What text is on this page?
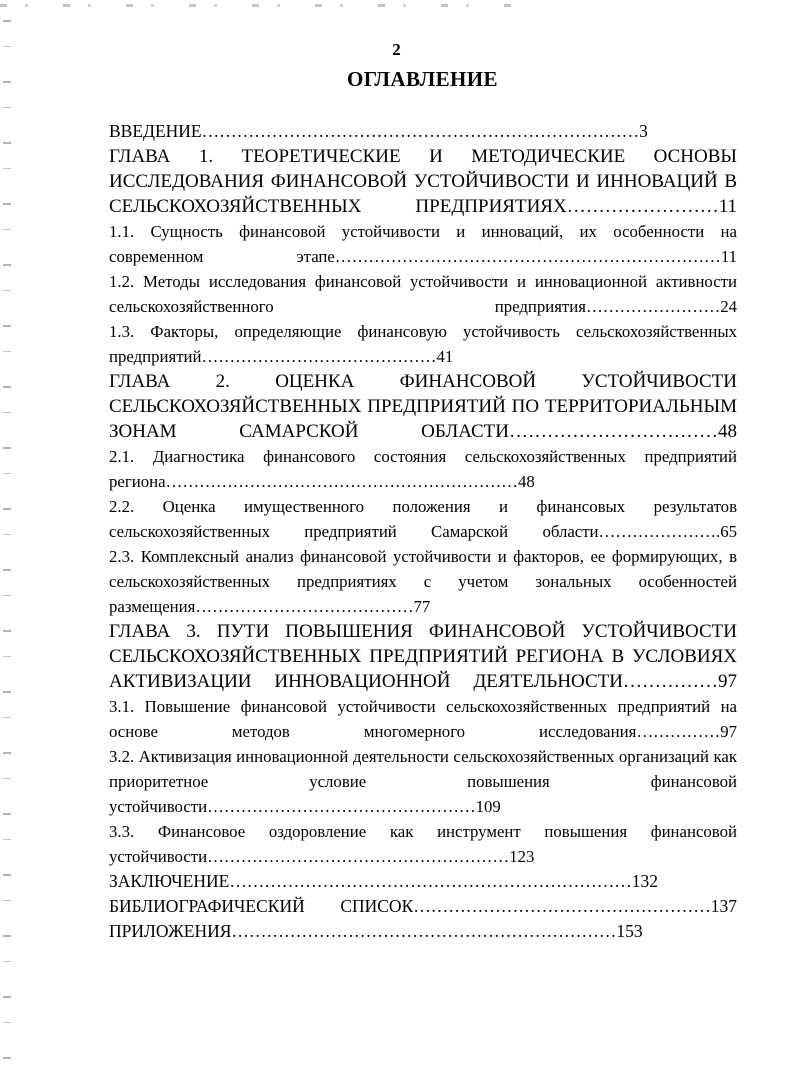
2
ОГЛАВЛЕНИЕ
ВВЕДЕНИЕ…………………………………………………………………3
ГЛАВА 1. ТЕОРЕТИЧЕСКИЕ И МЕТОДИЧЕСКИЕ ОСНОВЫ ИССЛЕДОВАНИЯ ФИНАНСОВОЙ УСТОЙЧИВОСТИ И ИННОВАЦИЙ В СЕЛЬСКОХОЗЯЙСТВЕННЫХ ПРЕДПРИЯТИЯХ……………………11
1.1. Сущность финансовой устойчивости и инноваций, их особенности на современном этапе……………………………………………………………11
1.2. Методы исследования финансовой устойчивости и инновационной активности сельскохозяйственного предприятия……………………24
1.3. Факторы, определяющие финансовую устойчивость сельскохозяйственных предприятий……………………………………41
ГЛАВА 2. ОЦЕНКА ФИНАНСОВОЙ УСТОЙЧИВОСТИ СЕЛЬСКОХОЗЯЙСТВЕННЫХ ПРЕДПРИЯТИЙ ПО ТЕРРИТОРИАЛЬНЫМ ЗОНАМ САМАРСКОЙ ОБЛАСТИ……………………………48
2.1. Диагностика финансового состояния сельскохозяйственных предприятий региона………………………………………………………48
2.2. Оценка имущественного положения и финансовых результатов сельскохозяйственных предприятий Самарской области………………….65
2.3. Комплексный анализ финансовой устойчивости и факторов, ее формирующих, в сельскохозяйственных предприятиях с учетом зональных особенностей размещения…………………………………77
ГЛАВА 3. ПУТИ ПОВЫШЕНИЯ ФИНАНСОВОЙ УСТОЙЧИВОСТИ СЕЛЬСКОХОЗЯЙСТВЕННЫХ ПРЕДПРИЯТИЙ РЕГИОНА В УСЛОВИЯХ АКТИВИЗАЦИИ ИННОВАЦИОННОЙ ДЕЯТЕЛЬНОСТИ……………97
3.1. Повышение финансовой устойчивости сельскохозяйственных предприятий на основе методов многомерного исследования……………97
3.2. Активизация инновационной деятельности сельскохозяйственных организаций как приоритетное условие повышения финансовой устойчивости…………………………………………109
3.3. Финансовое оздоровление как инструмент повышения финансовой устойчивости………………………………………………123
ЗАКЛЮЧЕНИЕ……………………………………………………………132
БИБЛИОГРАФИЧЕСКИЙ СПИСОК……………………………………………137
ПРИЛОЖЕНИЯ…………………………………………………………153
